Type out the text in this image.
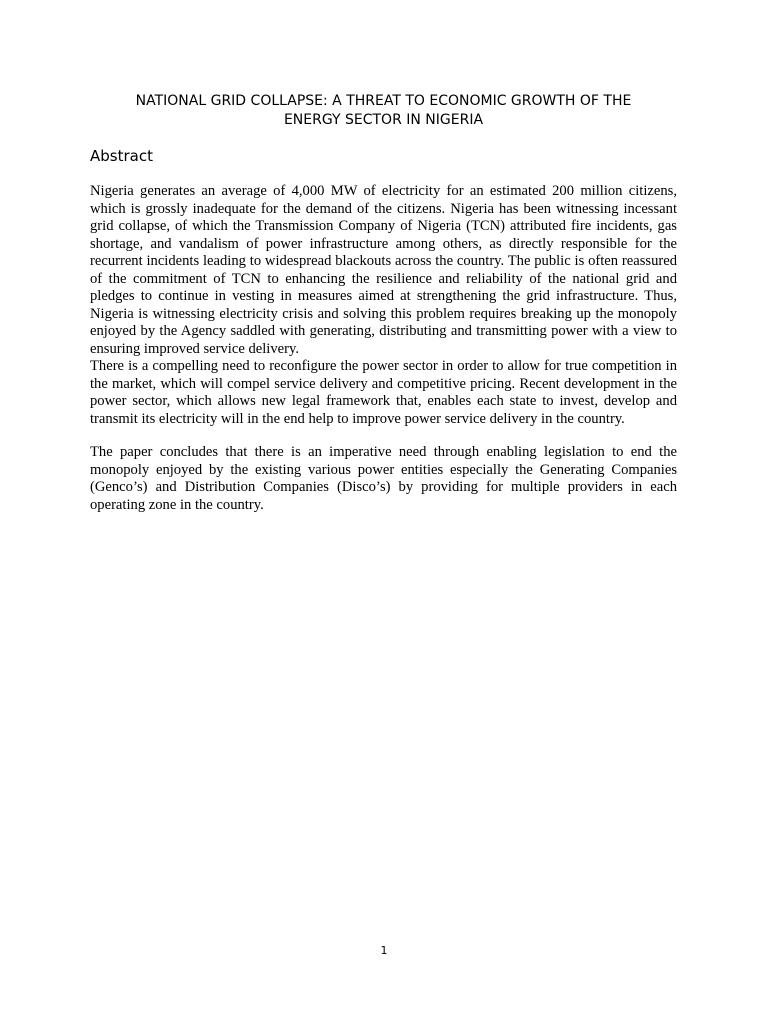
NATIONAL GRID COLLAPSE: A THREAT TO ECONOMIC GROWTH OF THE
ENERGY SECTOR IN NIGERIA
Abstract

Nigeria generates an average of 4,000 MW of electricity for an estimated 200 million citizens, which is grossly inadequate for the demand of the citizens. Nigeria has been witnessing incessant grid collapse, of which the Transmission Company of Nigeria (TCN) attributed fire incidents, gas shortage, and vandalism of power infrastructure among others, as directly responsible for the recurrent incidents leading to widespread blackouts across the country. The public is often reassured of the commitment of TCN to enhancing the resilience and reliability of the national grid and pledges to continue in vesting in measures aimed at strengthening the grid infrastructure. Thus, Nigeria is witnessing electricity crisis and solving this problem requires breaking up the monopoly enjoyed by the Agency saddled with generating, distributing and transmitting power with a view to ensuring improved service delivery.

There is a compelling need to reconfigure the power sector in order to allow for true competition in the market, which will compel service delivery and competitive pricing. Recent development in the power sector, which allows new legal framework that, enables each state to invest, develop and transmit its electricity will in the end help to improve power service delivery in the country.

The paper concludes that there is an imperative need through enabling legislation to end the monopoly enjoyed by the existing various power entities especially the Generating Companies (Genco’s) and Distribution Companies (Disco’s) by providing for multiple providers in each operating zone in the country.

1
